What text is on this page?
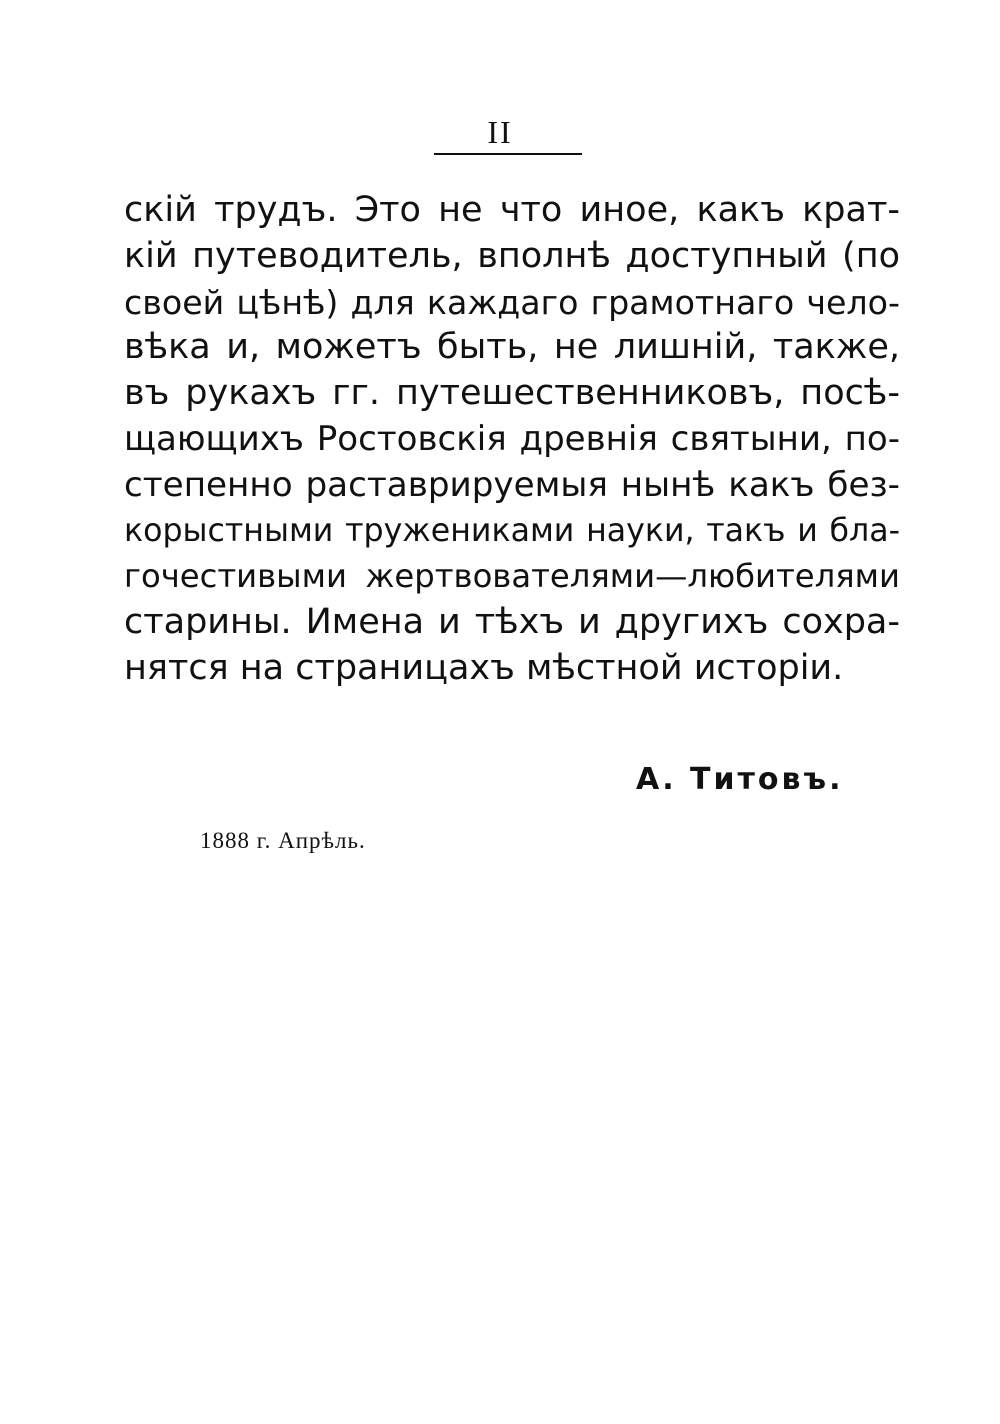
II
скій трудъ. Это не что иное, какъ крат-
кій путеводитель, вполнѣ доступный (по
своей цѣнѣ) для каждаго грамотнаго чело-
вѣка и, можетъ быть, не лишній, также,
въ рукахъ гг. путешественниковъ, посѣ-
щающихъ Ростовскія древнія святыни, по-
степенно раставрируемыя нынѣ какъ без-
корыстными тружениками науки, такъ и бла-
гочестивыми жертвователями—любителями
старины. Имена и тѣхъ и другихъ сохра-
нятся на страницахъ мѣстной исторіи.
А. Титовъ.
1888 г. Апрѣль.
